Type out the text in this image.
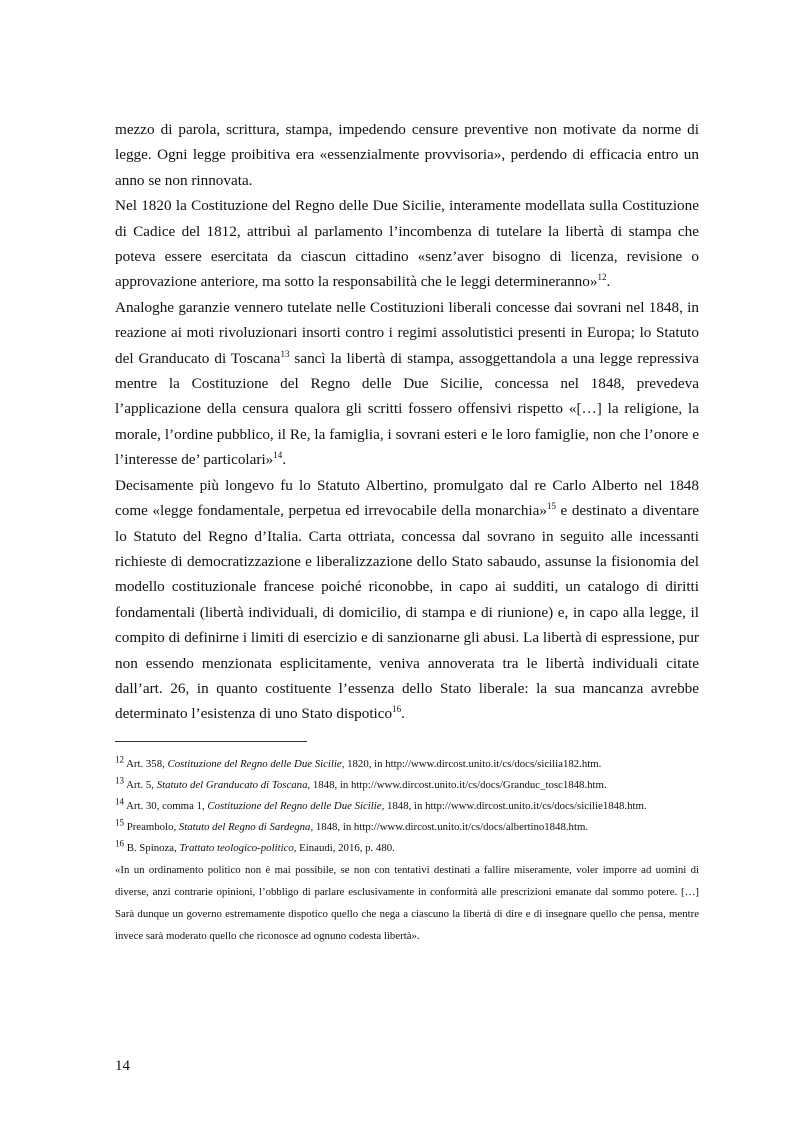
mezzo di parola, scrittura, stampa, impedendo censure preventive non motivate da norme di legge. Ogni legge proibitiva era «essenzialmente provvisoria», perdendo di efficacia entro un anno se non rinnovata.

Nel 1820 la Costituzione del Regno delle Due Sicilie, interamente modellata sulla Costituzione di Cadice del 1812, attribuì al parlamento l’incombenza di tutelare la libertà di stampa che poteva essere esercitata da ciascun cittadino «senz’aver bisogno di licenza, revisione o approvazione anteriore, ma sotto la responsabilità che le leggi determineranno»$^{12}$.

Analoghe garanzie vennero tutelate nelle Costituzioni liberali concesse dai sovrani nel 1848, in reazione ai moti rivoluzionari insorti contro i regimi assolutistici presenti in Europa; lo Statuto del Granducato di Toscana$^{13}$ sancì la libertà di stampa, assoggettandola a una legge repressiva mentre la Costituzione del Regno delle Due Sicilie, concessa nel 1848, prevedeva l’applicazione della censura qualora gli scritti fossero offensivi rispetto «[…] la religione, la morale, l’ordine pubblico, il Re, la famiglia, i sovrani esteri e le loro famiglie, non che l’onore e l’interesse de’ particolari»$^{14}$.

Decisamente più longevo fu lo Statuto Albertino, promulgato dal re Carlo Alberto nel 1848 come «legge fondamentale, perpetua ed irrevocabile della monarchia»$^{15}$ e destinato a diventare lo Statuto del Regno d’Italia. Carta ottriata, concessa dal sovrano in seguito alle incessanti richieste di democratizzazione e liberalizzazione dello Stato sabaudo, assunse la fisionomia del modello costituzionale francese poiché riconobbe, in capo ai sudditi, un catalogo di diritti fondamentali (libertà individuali, di domicilio, di stampa e di riunione) e, in capo alla legge, il compito di definirne i limiti di esercizio e di sanzionarne gli abusi. La libertà di espressione, pur non essendo menzionata esplicitamente, veniva annoverata tra le libertà individuali citate dall’art. 26, in quanto costituente l’essenza dello Stato liberale: la sua mancanza avrebbe determinato l’esistenza di uno Stato dispotico$^{16}$.

$^{12}$ Art. 358, Costituzione del Regno delle Due Sicilie, 1820, in http://www.dircost.unito.it/cs/docs/sicilia182.htm.

$^{13}$ Art. 5, Statuto del Granducato di Toscana, 1848, in http://www.dircost.unito.it/cs/docs/Granduc_tosc1848.htm.

$^{14}$ Art. 30, comma 1, Costituzione del Regno delle Due Sicilie, 1848, in http://www.dircost.unito.it/cs/docs/sicilie1848.htm.

$^{15}$ Preambolo, Statuto del Regno di Sardegna, 1848, in http://www.dircost.unito.it/cs/docs/albertino1848.htm.

$^{16}$ B. Spinoza, Trattato teologico-politico, Einaudi, 2016, p. 480.

«In un ordinamento politico non è mai possibile, se non con tentativi destinati a fallire miseramente, voler imporre ad uomini di diverse, anzi contrarie opinioni, l’obbligo di parlare esclusivamente in conformità alle prescrizioni emanate dal sommo potere. […] Sarà dunque un governo estremamente dispotico quello che nega a ciascuno la libertà di dire e di insegnare quello che pensa, mentre invece sarà moderato quello che riconosce ad ognuno codesta libertà».

14
